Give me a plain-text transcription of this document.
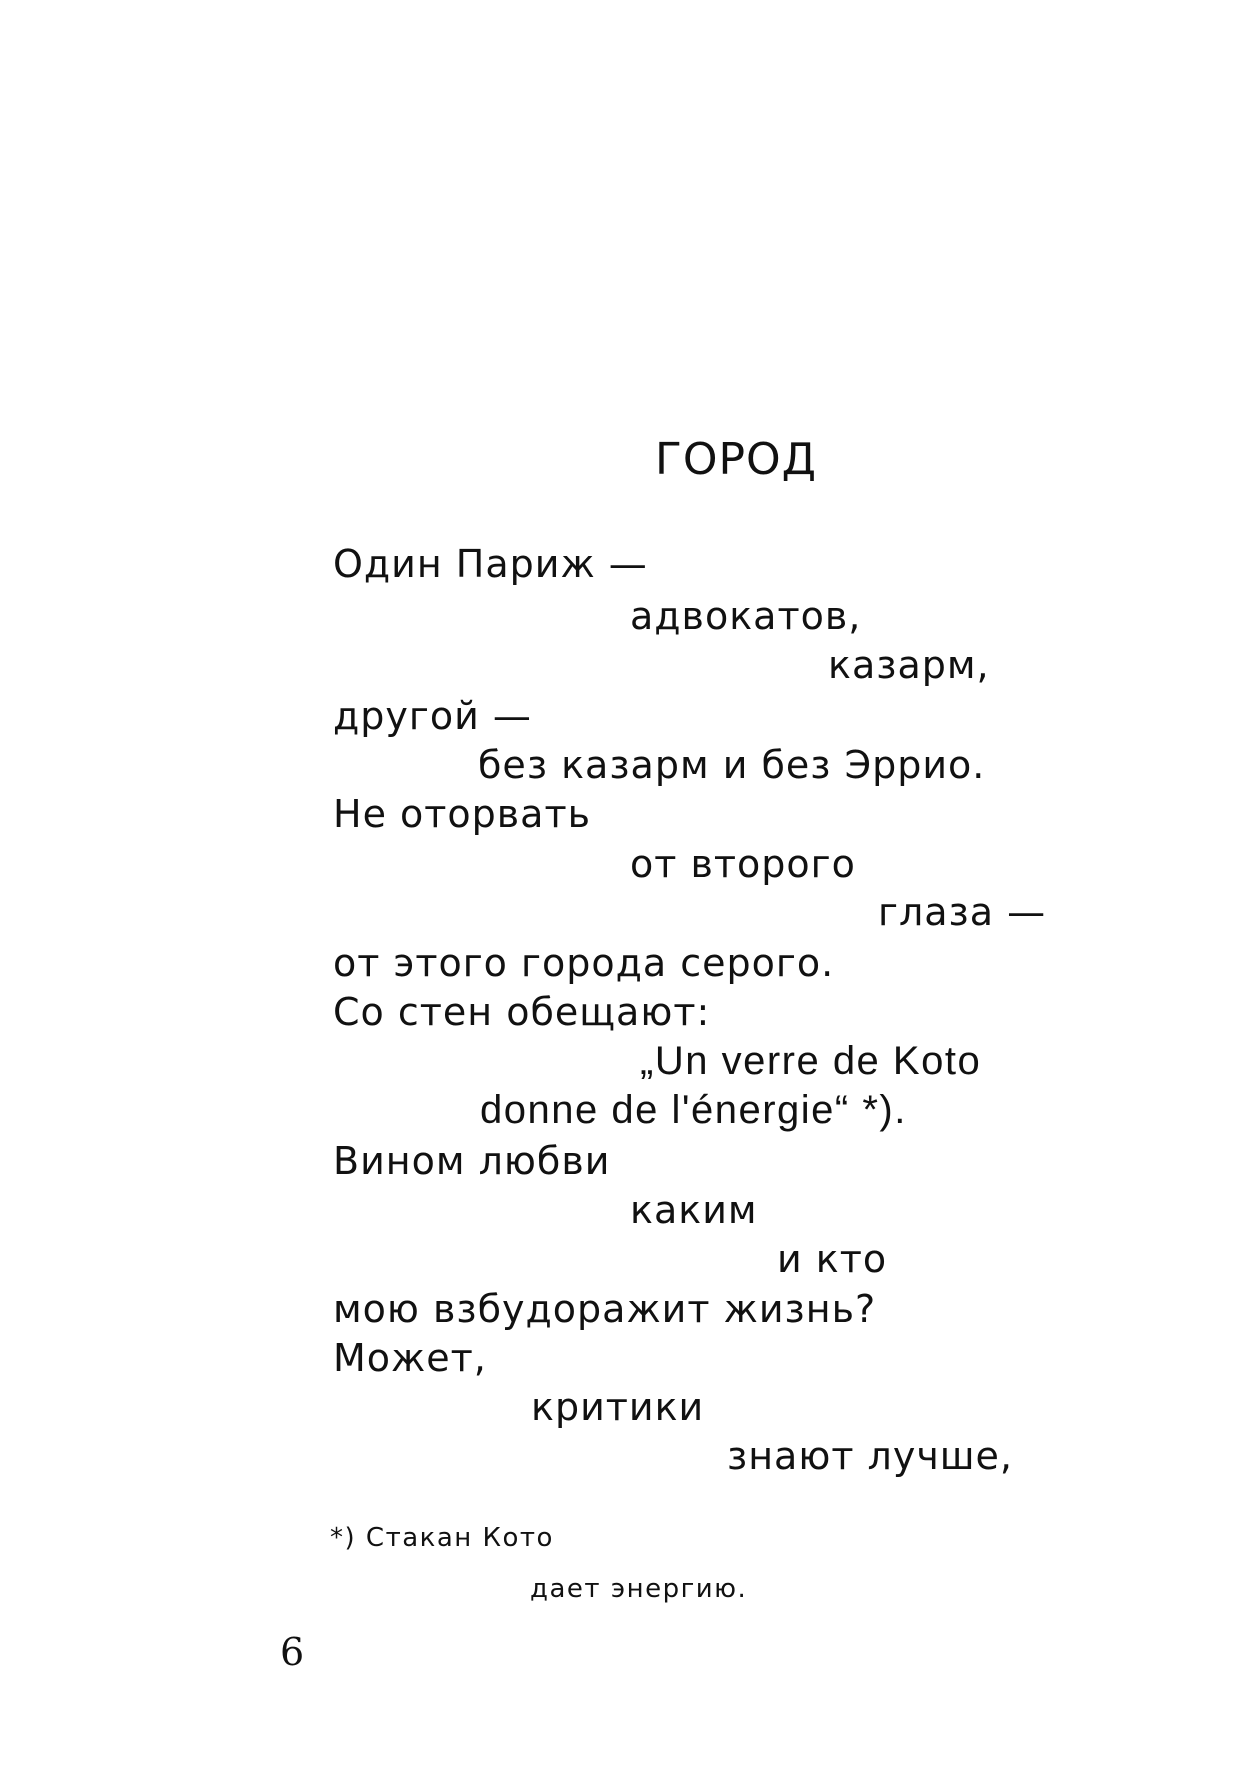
ГОРОД
Один Париж —
адвокатов,
казарм,
другой —
без казарм и без Эррио.
Не оторвать
от второго
глаза —
от этого города серого.
Со стен обещают:
„Un verre de Koto
donne de l'énergie“ *).
Вином любви
каким
и кто
мою взбудоражит жизнь?
Может,
критики
знают лучше,
*) Стакан Кото
дает энергию.
6
